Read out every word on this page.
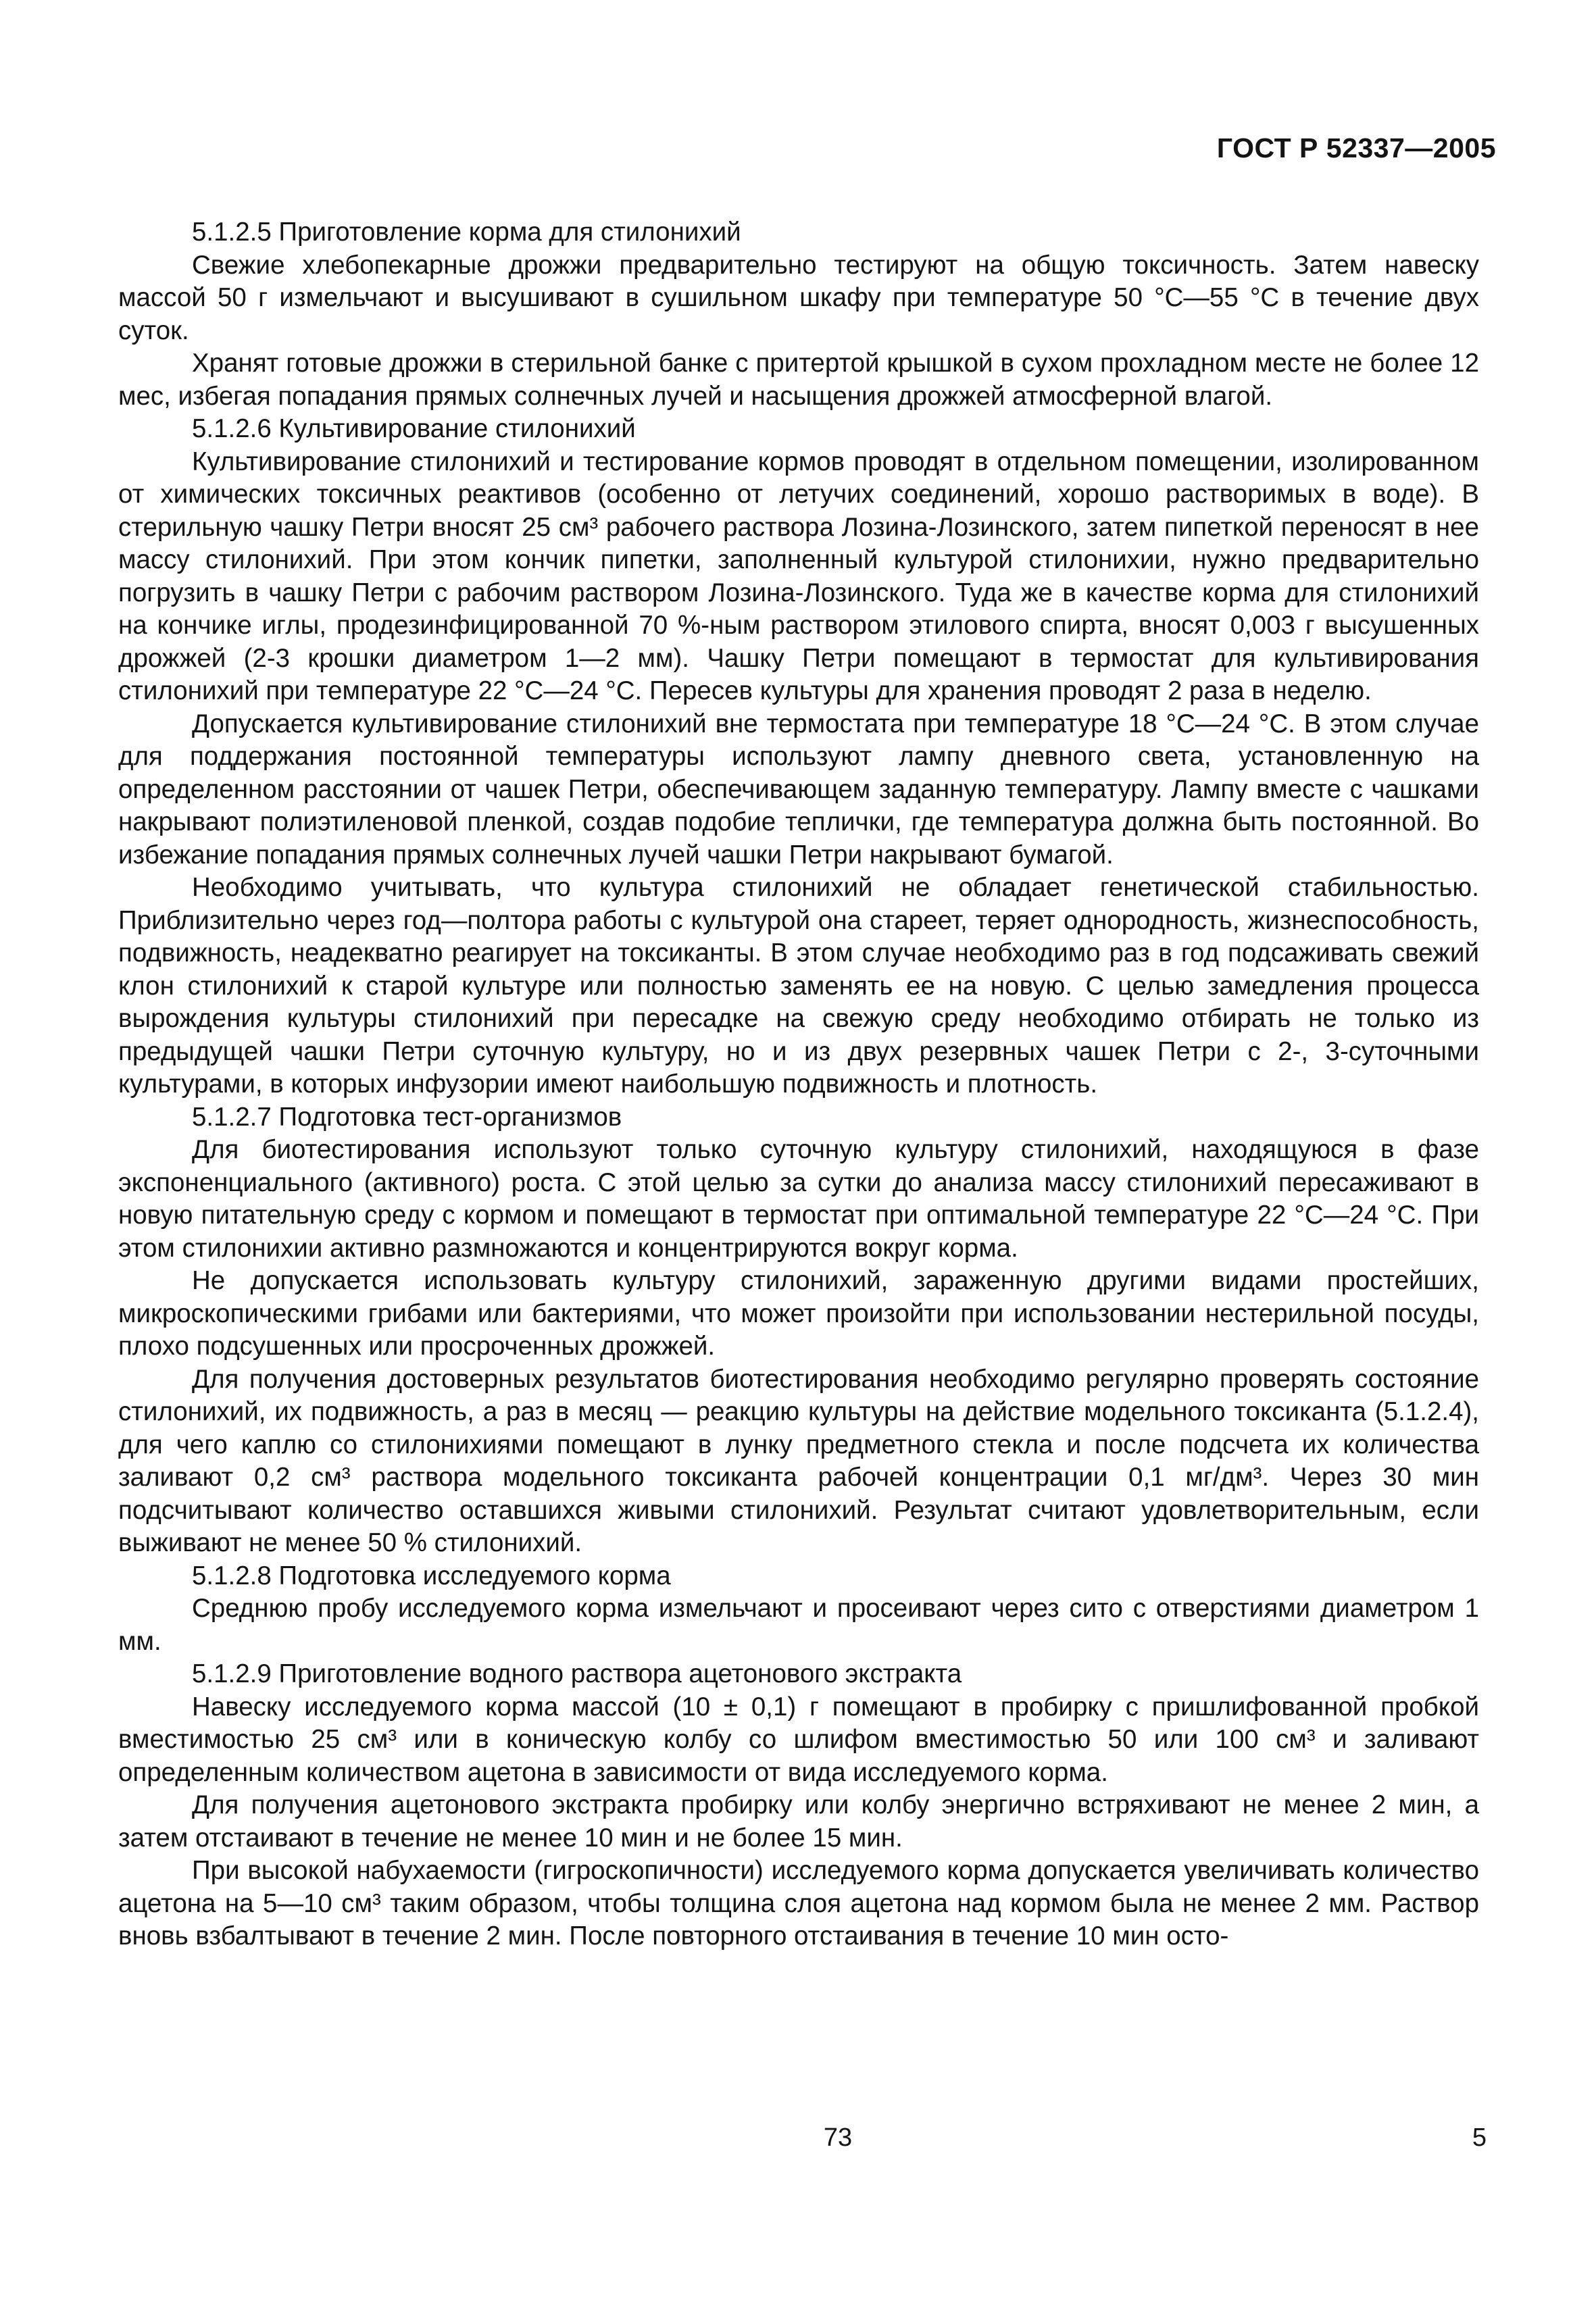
ГОСТ Р 52337—2005

5.1.2.5 Приготовление корма для стилонихий

Свежие хлебопекарные дрожжи предварительно тестируют на общую токсичность. Затем навеску массой 50 г измельчают и высушивают в сушильном шкафу при температуре 50 °С—55 °С в течение двух суток.

Хранят готовые дрожжи в стерильной банке с притертой крышкой в сухом прохладном месте не более 12 мес, избегая попадания прямых солнечных лучей и насыщения дрожжей атмосферной влагой.

5.1.2.6 Культивирование стилонихий

Культивирование стилонихий и тестирование кормов проводят в отдельном помещении, изолированном от химических токсичных реактивов (особенно от летучих соединений, хорошо растворимых в воде). В стерильную чашку Петри вносят 25 см³ рабочего раствора Лозина-Лозинского, затем пипеткой переносят в нее массу стилонихий. При этом кончик пипетки, заполненный культурой стилонихии, нужно предварительно погрузить в чашку Петри с рабочим раствором Лозина-Лозинского. Туда же в качестве корма для стилонихий на кончике иглы, продезинфицированной 70 %-ным раствором этилового спирта, вносят 0,003 г высушенных дрожжей (2-3 крошки диаметром 1—2 мм). Чашку Петри помещают в термостат для культивирования стилонихий при температуре 22 °С—24 °С. Пересев культуры для хранения проводят 2 раза в неделю.

Допускается культивирование стилонихий вне термостата при температуре 18 °С—24 °С. В этом случае для поддержания постоянной температуры используют лампу дневного света, установленную на определенном расстоянии от чашек Петри, обеспечивающем заданную температуру. Лампу вместе с чашками накрывают полиэтиленовой пленкой, создав подобие теплички, где температура должна быть постоянной. Во избежание попадания прямых солнечных лучей чашки Петри накрывают бумагой.

Необходимо учитывать, что культура стилонихий не обладает генетической стабильностью. Приблизительно через год—полтора работы с культурой она стареет, теряет однородность, жизнеспособность, подвижность, неадекватно реагирует на токсиканты. В этом случае необходимо раз в год подсаживать свежий клон стилонихий к старой культуре или полностью заменять ее на новую. С целью замедления процесса вырождения культуры стилонихий при пересадке на свежую среду необходимо отбирать не только из предыдущей чашки Петри суточную культуру, но и из двух резервных чашек Петри с 2-, 3-суточными культурами, в которых инфузории имеют наибольшую подвижность и плотность.

5.1.2.7 Подготовка тест-организмов

Для биотестирования используют только суточную культуру стилонихий, находящуюся в фазе экспоненциального (активного) роста. С этой целью за сутки до анализа массу стилонихий пересаживают в новую питательную среду с кормом и помещают в термостат при оптимальной температуре 22 °С—24 °С. При этом стилонихии активно размножаются и концентрируются вокруг корма.

Не допускается использовать культуру стилонихий, зараженную другими видами простейших, микроскопическими грибами или бактериями, что может произойти при использовании нестерильной посуды, плохо подсушенных или просроченных дрожжей.

Для получения достоверных результатов биотестирования необходимо регулярно проверять состояние стилонихий, их подвижность, а раз в месяц — реакцию культуры на действие модельного токсиканта (5.1.2.4), для чего каплю со стилонихиями помещают в лунку предметного стекла и после подсчета их количества заливают 0,2 см³ раствора модельного токсиканта рабочей концентрации 0,1 мг/дм³. Через 30 мин подсчитывают количество оставшихся живыми стилонихий. Результат считают удовлетворительным, если выживают не менее 50 % стилонихий.

5.1.2.8 Подготовка исследуемого корма

Среднюю пробу исследуемого корма измельчают и просеивают через сито с отверстиями диаметром 1 мм.

5.1.2.9 Приготовление водного раствора ацетонового экстракта

Навеску исследуемого корма массой (10 ± 0,1) г помещают в пробирку с пришлифованной пробкой вместимостью 25 см³ или в коническую колбу со шлифом вместимостью 50 или 100 см³ и заливают определенным количеством ацетона в зависимости от вида исследуемого корма.

Для получения ацетонового экстракта пробирку или колбу энергично встряхивают не менее 2 мин, а затем отстаивают в течение не менее 10 мин и не более 15 мин.

При высокой набухаемости (гигроскопичности) исследуемого корма допускается увеличивать количество ацетона на 5—10 см³ таким образом, чтобы толщина слоя ацетона над кормом была не менее 2 мм. Раствор вновь взбалтывают в течение 2 мин. После повторного отстаивания в течение 10 мин осто-

73	5
